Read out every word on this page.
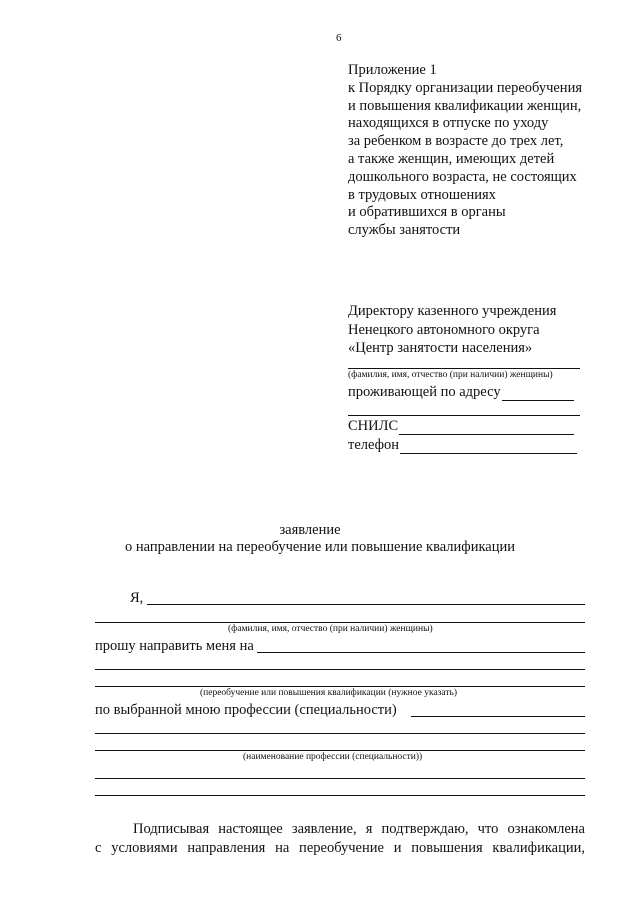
6
Приложение 1
к Порядку организации переобучения
и повышения квалификации женщин,
находящихся в отпуске по уходу
за ребенком в возрасте до трех лет,
а также женщин, имеющих детей
дошкольного возраста, не состоящих
в трудовых отношениях
и обратившихся в органы
службы занятости
Директору казенного учреждения
Ненецкого автономного округа
«Центр занятости населения»
(фамилия, имя, отчество (при наличии) женщины)
проживающей по адресу
СНИЛС
телефон
заявление
о направлении на переобучение или повышение квалификации
Я,
(фамилия, имя, отчество (при наличии) женщины)
прошу направить меня на
(переобучение или повышения квалификации (нужное указать)
по выбранной мною профессии (специальности)
(наименование профессии (специальности))
Подписывая настоящее заявление, я подтверждаю, что ознакомлена
с условиями направления на переобучение и повышения квалификации,
